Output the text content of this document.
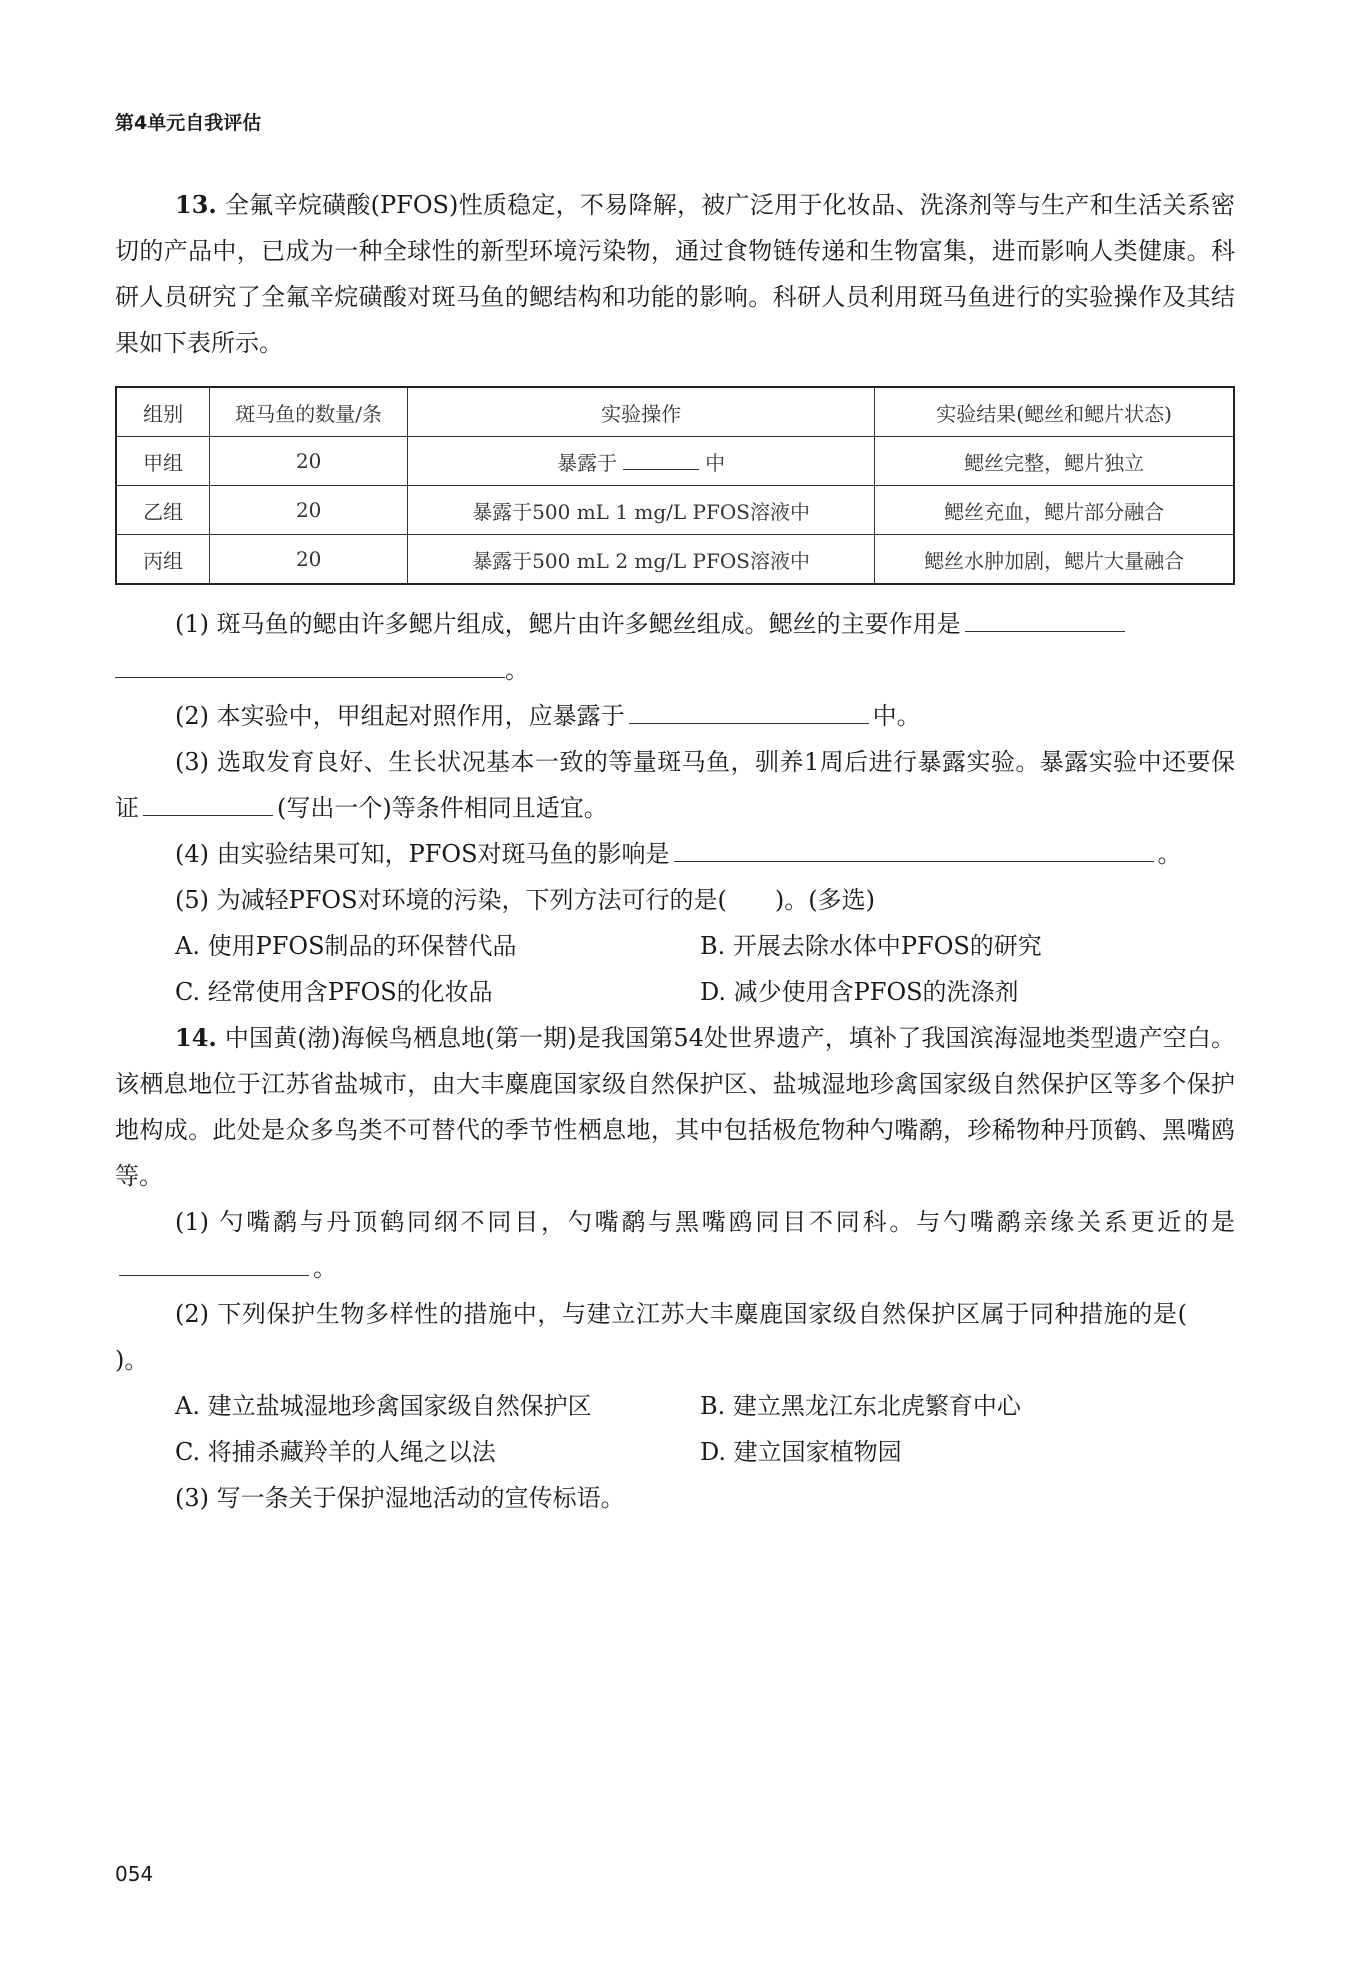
第4单元自我评估

13. 全氟辛烷磺酸(PFOS)性质稳定，不易降解，被广泛用于化妆品、洗涤剂等与生产和生活关系密切的产品中，已成为一种全球性的新型环境污染物，通过食物链传递和生物富集，进而影响人类健康。科研人员研究了全氟辛烷磺酸对斑马鱼的鳃结构和功能的影响。科研人员利用斑马鱼进行的实验操作及其结果如下表所示。

组别	斑马鱼的数量/条	实验操作	实验结果(鳃丝和鳃片状态)
甲组	20	暴露于 中	鳃丝完整，鳃片独立
乙组	20	暴露于500 mL 1 mg/L PFOS溶液中	鳃丝充血，鳃片部分融合
丙组	20	暴露于500 mL 2 mg/L PFOS溶液中	鳃丝水肿加剧，鳃片大量融合

(1) 斑马鱼的鳃由许多鳃片组成，鳃片由许多鳃丝组成。鳃丝的主要作用是

。

(2) 本实验中，甲组起对照作用，应暴露于	中。

(3) 选取发育良好、生长状况基本一致的等量斑马鱼，驯养1周后进行暴露实验。暴露实验中还要保证	(写出一个)等条件相同且适宜。

(4) 由实验结果可知，PFOS对斑马鱼的影响是	。

(5) 为减轻PFOS对环境的污染，下列方法可行的是( )。(多选)

A. 使用PFOS制品的环保替代品	B. 开展去除水体中PFOS的研究
C. 经常使用含PFOS的化妆品	D. 减少使用含PFOS的洗涤剂

14. 中国黄(渤)海候鸟栖息地(第一期)是我国第54处世界遗产，填补了我国滨海湿地类型遗产空白。该栖息地位于江苏省盐城市，由大丰麋鹿国家级自然保护区、盐城湿地珍禽国家级自然保护区等多个保护地构成。此处是众多鸟类不可替代的季节性栖息地，其中包括极危物种勺嘴鹬，珍稀物种丹顶鹤、黑嘴鸥等。

(1) 勺嘴鹬与丹顶鹤同纲不同目，勺嘴鹬与黑嘴鸥同目不同科。与勺嘴鹬亲缘关系更近的是。

(2) 下列保护生物多样性的措施中，与建立江苏大丰麋鹿国家级自然保护区属于同种措施的是()。

A. 建立盐城湿地珍禽国家级自然保护区	B. 建立黑龙江东北虎繁育中心
C. 将捕杀藏羚羊的人绳之以法	D. 建立国家植物园

(3) 写一条关于保护湿地活动的宣传标语。

054
